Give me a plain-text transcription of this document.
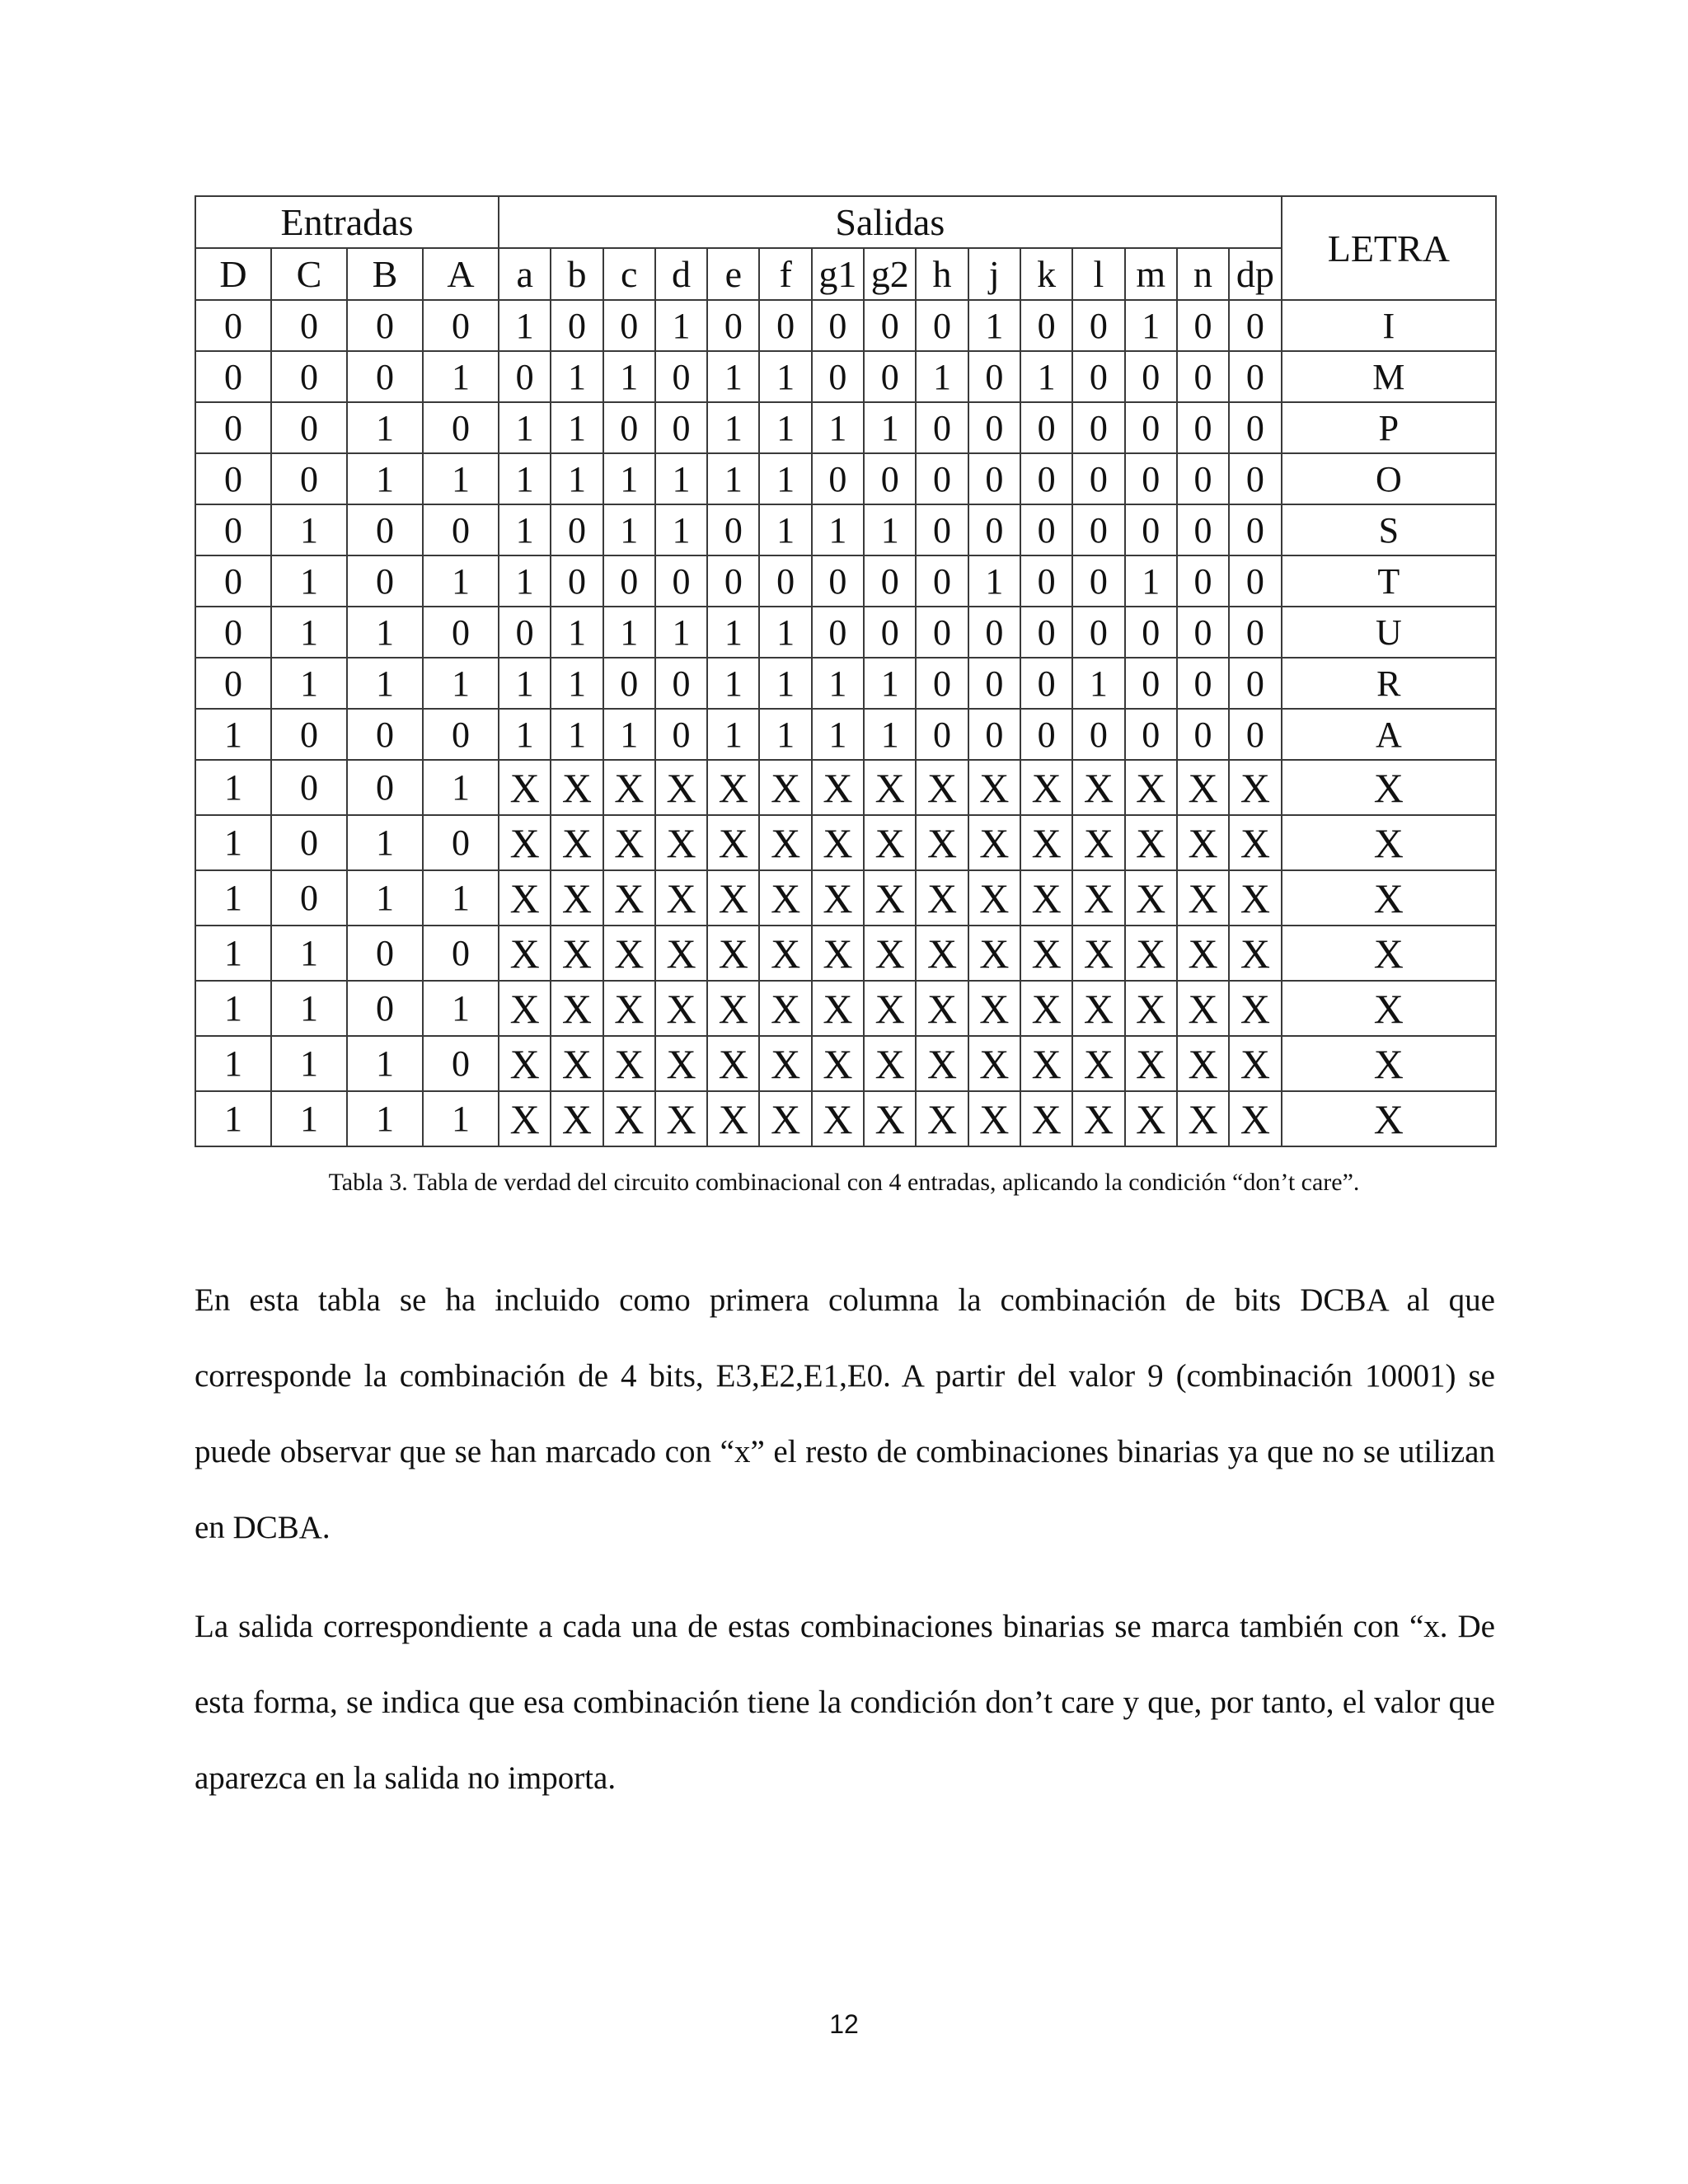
Entradas				Salidas															LETRA
D	C	B	A	a	b	c	d	e	f	g1	g2	h	j	k	l	m	n	dp	
0	0	0	0	1	0	0	1	0	0	0	0	0	1	0	0	1	0	0	I
0	0	0	1	0	1	1	0	1	1	0	0	1	0	1	0	0	0	0	M
0	0	1	0	1	1	0	0	1	1	1	1	0	0	0	0	0	0	0	P
0	0	1	1	1	1	1	1	1	1	0	0	0	0	0	0	0	0	0	O
0	1	0	0	1	0	1	1	0	1	1	1	0	0	0	0	0	0	0	S
0	1	0	1	1	0	0	0	0	0	0	0	0	1	0	0	1	0	0	T
0	1	1	0	0	1	1	1	1	1	0	0	0	0	0	0	0	0	0	U
0	1	1	1	1	1	0	0	1	1	1	1	0	0	0	1	0	0	0	R
1	0	0	0	1	1	1	0	1	1	1	1	0	0	0	0	0	0	0	A
1	0	0	1	X	X	X	X	X	X	X	X	X	X	X	X	X	X	X	X
1	0	1	0	X	X	X	X	X	X	X	X	X	X	X	X	X	X	X	X
1	0	1	1	X	X	X	X	X	X	X	X	X	X	X	X	X	X	X	X
1	1	0	0	X	X	X	X	X	X	X	X	X	X	X	X	X	X	X	X
1	1	0	1	X	X	X	X	X	X	X	X	X	X	X	X	X	X	X	X
1	1	1	0	X	X	X	X	X	X	X	X	X	X	X	X	X	X	X	X
1	1	1	1	X	X	X	X	X	X	X	X	X	X	X	X	X	X	X	X
Tabla 3. Tabla de verdad del circuito combinacional con 4 entradas, aplicando la condición “don’t care”.

En esta tabla se ha incluido como primera columna la combinación de bits DCBA al que corresponde la combinación de 4 bits, E3,E2,E1,E0. A partir del valor 9 (combinación 10001) se puede observar que se han marcado con “x” el resto de combinaciones binarias ya que no se utilizan en DCBA.

La salida correspondiente a cada una de estas combinaciones binarias se marca también con “x. De esta forma, se indica que esa combinación tiene la condición don’t care y que, por tanto, el valor que aparezca en la salida no importa.

12
